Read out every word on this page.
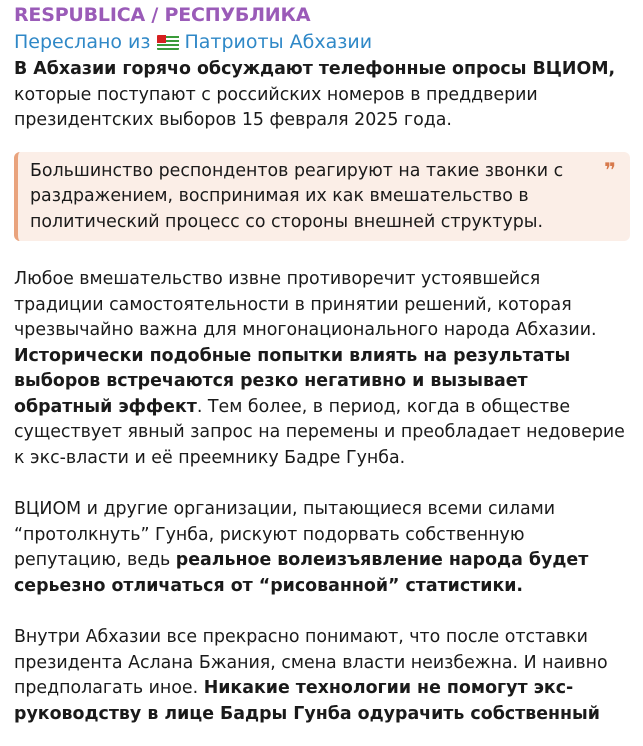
RESPUBLICA / РЕСПУБЛИКА
Переслано из Патриоты Абхазии

В Абхазии горячо обсуждают телефонные опросы ВЦИОМ, которые поступают с российских номеров в преддверии президентских выборов 15 февраля 2025 года.

Большинство респондентов реагируют на такие звонки с раздражением, воспринимая их как вмешательство в политический процесс со стороны внешней структуры.
❞

Любое вмешательство извне противоречит устоявшейся традиции самостоятельности в принятии решений, которая чрезвычайно важна для многонационального народа Абхазии. Исторически подобные попытки влиять на результаты выборов встречаются резко негативно и вызывает обратный эффект. Тем более, в период, когда в обществе существует явный запрос на перемены и преобладает недоверие к экс-власти и её преемнику Бадре Гунба.

ВЦИОМ и другие организации, пытающиеся всеми силами “протолкнуть” Гунба, рискуют подорвать собственную репутацию, ведь реальное волеизъявление народа будет серьезно отличаться от “рисованной” статистики.

Внутри Абхазии все прекрасно понимают, что после отставки президента Аслана Бжания, смена власти неизбежна. И наивно предполагать иное. Никакие технологии не помогут экс-руководству в лице Бадры Гунба одурачить собственный
